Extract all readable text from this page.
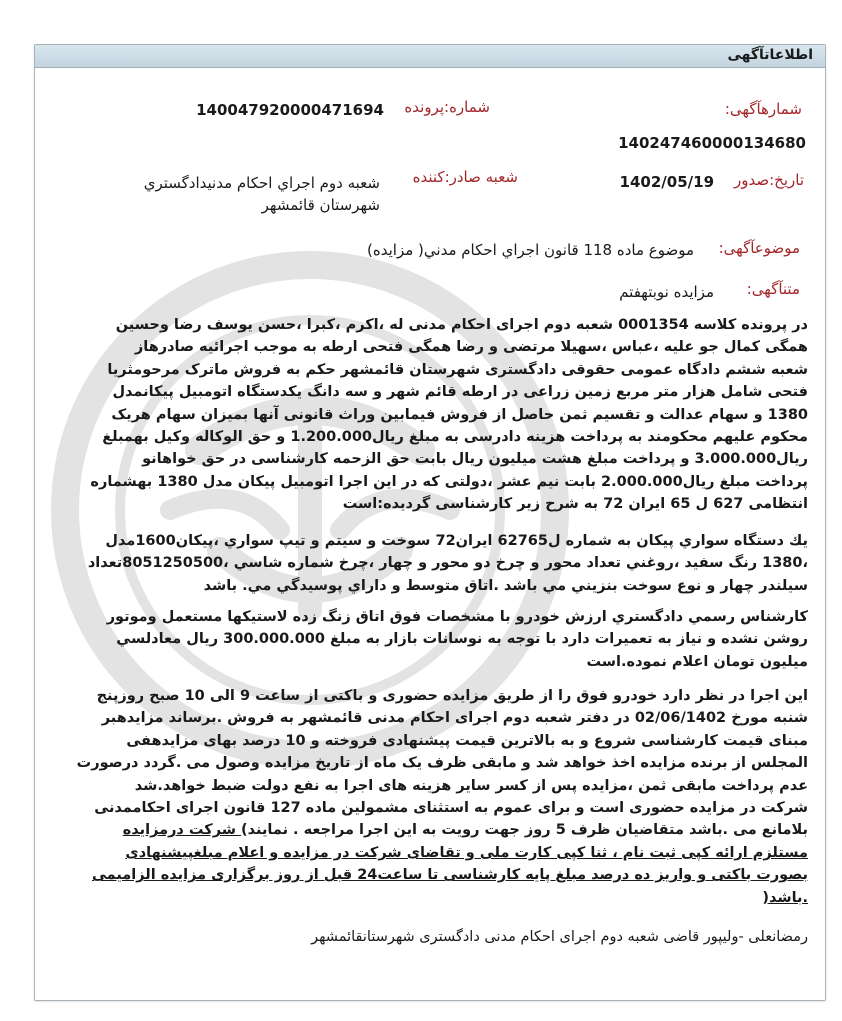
اطلاعاتآگهی
شمارهآگهی:
140247460000134680
شماره:پرونده
140047920000471694
تاریخ:صدور
1402/05/19
شعبه صادر:کننده
شعبه دوم اجراي احكام مدنيدادگستري
شهرستان قائمشهر
موضوعآگهی:
موضوع ماده 118 قانون اجراي احكام مدني( مزايده)
متنآگهی:
مزايده نوبتهفتم

در پرونده کلاسه 0001354 شعبه دوم اجرای احکام مدنی له ،اکرم ،کبرا ،حسن یوسف رضا وحسین

همگی کمال جو علیه ،عباس ،سهیلا مرتضی و رضا همگی فتحی ارطه به موجب اجرائیه صادرهاز

شعبه ششم دادگاه عمومی حقوقی دادگستری شهرستان قائمشهر حکم به فروش ماترک مرحومثریا

فتحی شامل هزار متر مربع زمین زراعی در ارطه قائم شهر و سه دانگ یکدستگاه اتومبیل پیکانمدل

1380 و سهام عدالت و تقسیم ثمن حاصل از فروش فیمابین وراث قانونی آنها بمیزان سهام هریک

محکوم علیهم محکومند به پرداخت هزینه دادرسی به مبلغ ریال1.200.000 و حق الوکاله وکیل بهمبلغ

ریال3.000.000 و پرداخت مبلغ هشت میلیون ریال بابت حق الزحمه کارشناسی در حق خواهانو

پرداخت مبلغ ریال2.000.000 بابت نیم عشر ،دولتی که در این اجرا اتومبیل پیکان مدل 1380 بهشماره

انتظامی 627 ل 65 ایران 72 به شرح زیر کارشناسی گردیده:است

يك دستگاه سواري پيكان به شماره ل62765 ايران72 سوخت و سيتم و تيپ سواري ،پيكان1600مدل

،1380 رنگ سفيد ،روغني تعداد محور و چرخ دو محور و چهار ،چرخ شماره شاسي ،8051250500تعداد

سيلندر چهار و نوع سوخت بنزيني مي باشد .اتاق متوسط و داراي پوسيدگي مي. باشد

كارشناس رسمي دادگستري ارزش خودرو با مشخصات فوق اتاق زنگ زده لاستيكها مستعمل وموتور

روشن نشده و نياز به تعميرات دارد با توجه به نوسانات بازار به مبلغ 300.000.000 ريال معادلسي

ميليون تومان اعلام نموده.است

این اجرا در نظر دارد خودرو فوق را از طریق مزایده حضوری و باکتی از ساعت 9 الی 10 صبح روزپنج

شنبه مورخ 02/06/1402 در دفتر شعبه دوم اجرای احکام مدنی قائمشهر به فروش .برساند مزایدهبر

مبنای قیمت کارشناسی شروع و به بالاترین قیمت پیشنهادی فروخته و 10 درصد بهای مزایدهفی

المجلس از برنده مزایده اخذ خواهد شد و مابقی ظرف یک ماه از تاریخ مزایده وصول می .گردد درصورت

عدم پرداخت مابقی ثمن ،مزایده پس از کسر سایر هزینه های اجرا به نفع دولت ضبط خواهد.شد

شرکت در مزایده حضوری است و برای عموم به استثنای مشمولین ماده 127 قانون اجرای احکاممدنی

بلامانع می .باشد متقاضیان ظرف 5 روز جهت رویت به این اجرا مراجعه . نمایند) شرکت درمزایده

مستلزم ارائه کپی ثبت نام ، ثنا کپی کارت ملی و تقاضای شرکت در مزایده و اعلام مبلغپیشنهادی

بصورت باکتی و واریز ده درصد مبلغ پایه کارشناسی تا ساعت24 قبل از روز برگزاری مزایده الزامیمی

.باشد(

رمضانعلی -ولیپور قاضی شعبه دوم اجرای احکام مدنی دادگستری شهرستانقائمشهر
